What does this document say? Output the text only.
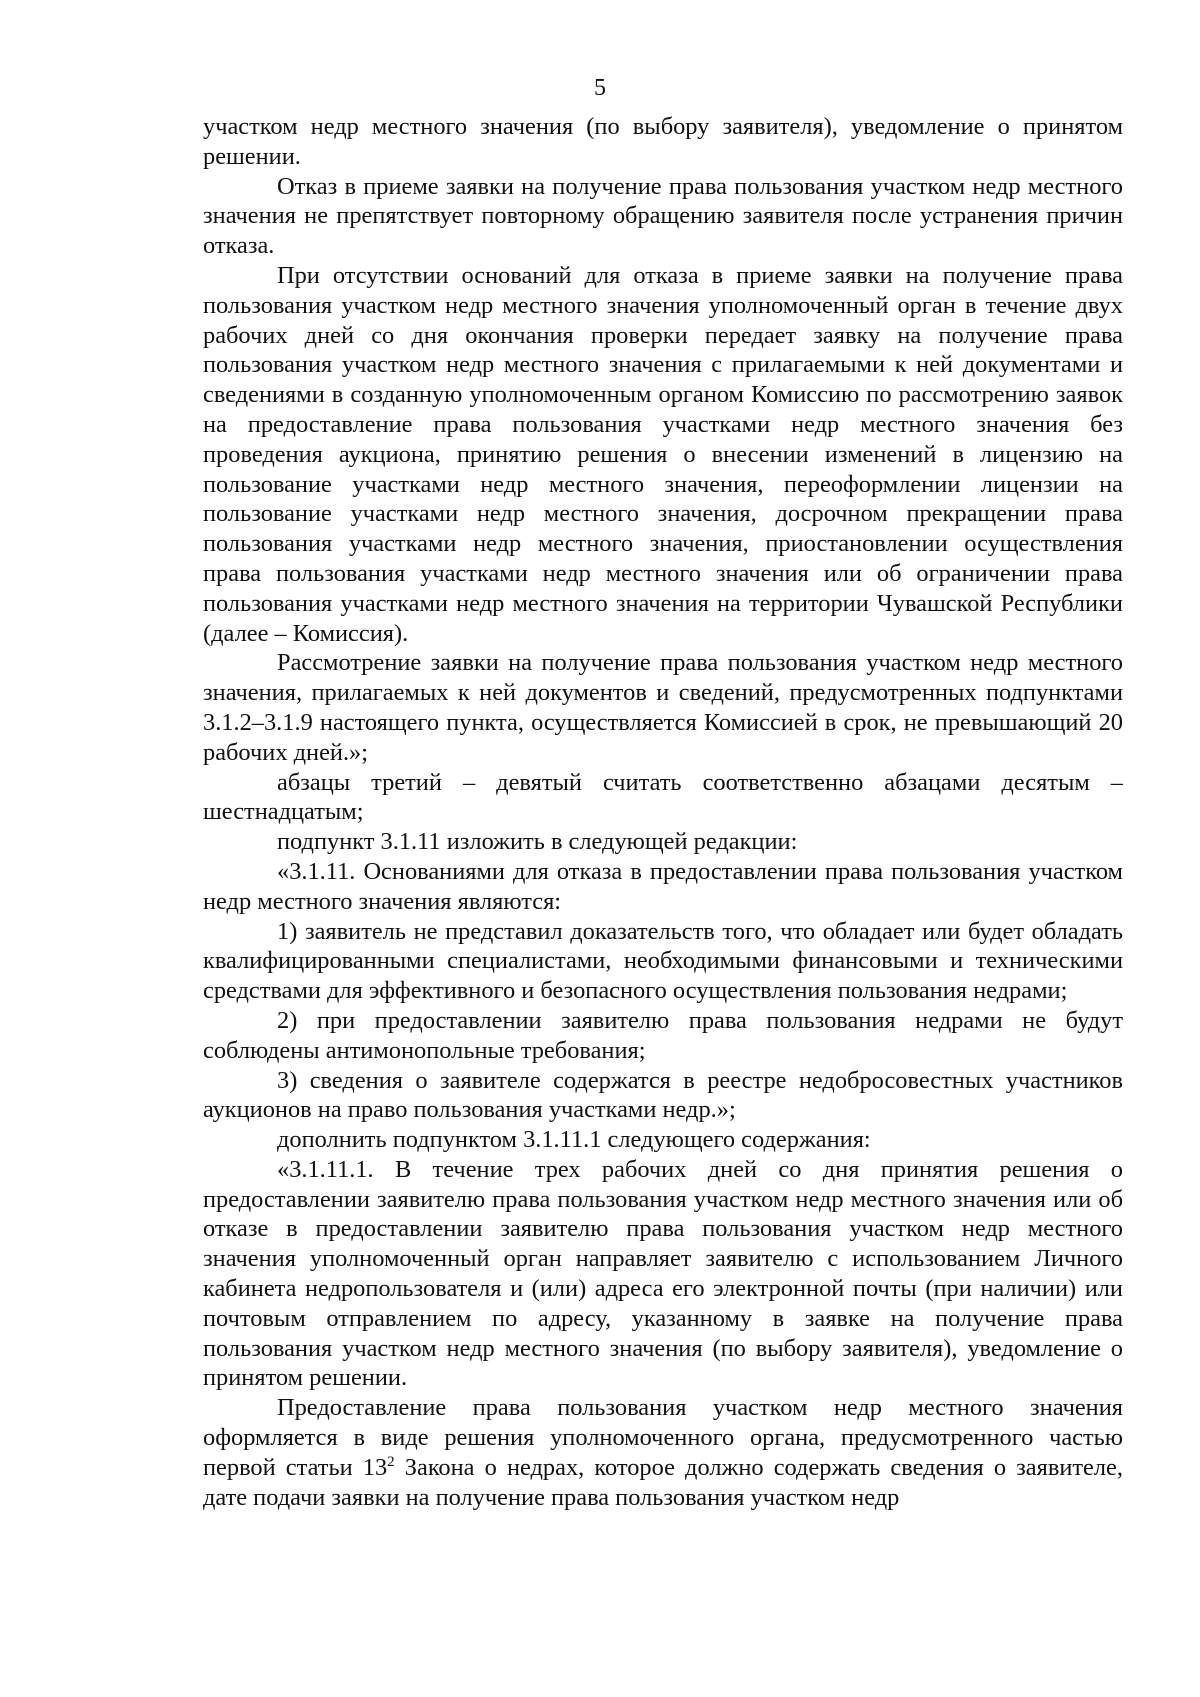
5

участком недр местного значения (по выбору заявителя), уведомление о принятом решении.

Отказ в приеме заявки на получение права пользования участком недр местного значения не препятствует повторному обращению заявителя после устранения причин отказа.

При отсутствии оснований для отказа в приеме заявки на получение права пользования участком недр местного значения уполномоченный орган в течение двух рабочих дней со дня окончания проверки передает заявку на получение права пользования участком недр местного значения с прилагаемыми к ней документами и сведениями в созданную уполномоченным органом Комиссию по рассмотрению заявок на предоставление права пользования участками недр местного значения без проведения аукциона, принятию решения о внесении изменений в лицензию на пользование участками недр местного значения, переоформлении лицензии на пользование участками недр местного значения, досрочном прекращении права пользования участками недр местного значения, приостановлении осуществления права пользования участками недр местного значения или об ограничении права пользования участками недр местного значения на территории Чувашской Республики (далее – Комиссия).

Рассмотрение заявки на получение права пользования участком недр местного значения, прилагаемых к ней документов и сведений, предусмотренных подпунктами 3.1.2–3.1.9 настоящего пункта, осуществляется Комиссией в срок, не превышающий 20 рабочих дней.»;

абзацы третий – девятый считать соответственно абзацами десятым – шестнадцатым;

подпункт 3.1.11 изложить в следующей редакции:

«3.1.11. Основаниями для отказа в предоставлении права пользования участком недр местного значения являются:

1) заявитель не представил доказательств того, что обладает или будет обладать квалифицированными специалистами, необходимыми финансовыми и техническими средствами для эффективного и безопасного осуществления пользования недрами;

2) при предоставлении заявителю права пользования недрами не будут соблюдены антимонопольные требования;

3) сведения о заявителе содержатся в реестре недобросовестных участников аукционов на право пользования участками недр.»;

дополнить подпунктом 3.1.11.1 следующего содержания:

«3.1.11.1. В течение трех рабочих дней со дня принятия решения о предоставлении заявителю права пользования участком недр местного значения или об отказе в предоставлении заявителю права пользования участком недр местного значения уполномоченный орган направляет заявителю с использованием Личного кабинета недропользователя и (или) адреса его электронной почты (при наличии) или почтовым отправлением по адресу, указанному в заявке на получение права пользования участком недр местного значения (по выбору заявителя), уведомление о принятом решении.

Предоставление права пользования участком недр местного значения оформляется в виде решения уполномоченного органа, предусмотренного частью первой статьи $13^2$ Закона о недрах, которое должно содержать сведения о заявителе, дате подачи заявки на получение права пользования участком недр
